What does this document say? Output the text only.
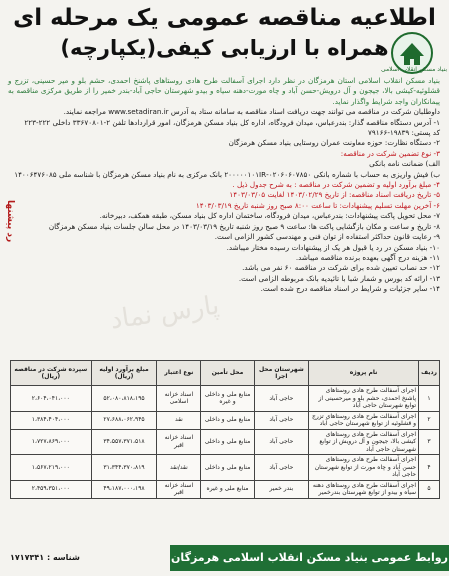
اطلاعیه مناقصه عمومی یک مرحله ای
همراه با ارزیابی کیفی(یکپارچه)
بنیاد مسکن انقلاب اسلامی

بنیاد مسکن انقلاب اسلامی استان هرمزگان در نظر دارد اجرای آسفالت طرح هادی روستاهای پاشنخ احمدی، حشم بلو و میر حسینی، تزرج و قشلوئیه-کیشی بالا، جیجون و آل درویش-حسن آباد و چاه مورت-دهنه سیاه و بیدو شهرستان حاجی آباد-بندر خمیر را از طریق مرکزی مناقصه به پیمانکاران واجد شرایط واگذار نماید.

داوطلبان شرکت در مناقصه می توانند جهت دریافت اسناد مناقصه به سامانه ستاد به آدرس www.setadiran.ir مراجعه نمایند.

۱- آدرس دستگاه مناقصه گذار: بندرعباس، میدان فرودگاه، اداره کل بنیاد مسکن هرمزگان، امور قراردادها تلفن ۲-۳۳۶۷۰۸۰۱ داخلی ۲۲۲-۲۲۳

کد پستی: ۱۹۸۳۹-۷۹۱۶۶

۲- دستگاه نظارت: حوزه معاونت عمران روستایی بنیاد مسکن هرمزگان

۳- نوع تضمین شرکت در مناقصه:

الف) ضمانت نامه بانکی

ب) فیش واریزی به حساب با شماره بانکی ۰۲۰۶۰۶۰۷۸۵۰-۲۰۰۰۰۰۱۰۱IR بانک مرکزی به نام بنیاد مسکن هرمزگان با شناسه ملی ۱۴۰۰۶۴۷۶۰۸۵

۴- مبلغ برآورد اولیه و تضمین شرکت در مناقصه : به شرح جدول ذیل .

۵- تاریخ دریافت اسناد مناقصه: از تاریخ ۱۴۰۳/۰۲/۲۹ لغایت ۱۴۰۳/۰۳/۰۵

۶- آخرین مهلت تسلیم پیشنهادات: تا ساعت ۸:۰۰ صبح روز شنبه تاریخ ۱۴۰۳/۰۳/۱۹

۷- محل تحویل پاکت پیشنهادات: بندرعباس، میدان فرودگاه، ساختمان اداره کل بنیاد مسکن، طبقه همکف، دبیرخانه.

۸- تاریخ و ساعت و مکان بازگشایی پاکت ها: ساعت ۹ صبح روز شنبه تاریخ ۱۴۰۳/۰۳/۱۹ در محل سالن جلسات بنیاد مسکن هرمزگان

۹- رعایت قانون حداکثر استفاده از توان فنی و مهندسی کشور الزامی است.

۱۰- بنیاد مسکن در رد یا قبول هر یک از پیشنهادات رسیده مختار میباشد.

۱۱- هزینه درج آگهی بعهده برنده مناقصه میباشد.

۱۲- حد نصاب تعیین شده برای شرکت در مناقصه ۶۰ نفر می باشد.

۱۳- ارائه کد بورس و شمار شبا با تائیدیه بانک مربوطه الزامی است.

۱۴- سایر جزئیات و شرایط در اسناد مناقصه درج شده است.

رد پیشنها
پارس نماد
ردیف	نام پروژه	شهرستان محل اجرا	محل تأمین	نوع اعتبار	مبلغ برآورد اولیه (ریال)	سپرده شرکت در مناقصه (ریال)
۱	اجرای آسفالت طرح هادی روستاهای پاشنخ احمدی، حشم بلو و میرحسینی از توابع شهرستان حاجی آباد	حاجی آباد	منابع ملی و داخلی و غیره	اسناد خزانه اسلامی	۵۲،۰۸۰،۸۱۸،۱۹۵	۲،۶۰۴،۰۴۱،۰۰۰
۲	اجرای آسفالت طرح هادی روستاهای تزرج و قشلوئیه از توابع شهرستان حاجی آباد	حاجی آباد	منابع ملی و داخلی	نقد	۲۷،۶۸۸،۰۶۲،۹۴۵	۱،۳۸۴،۴۰۴،۰۰۰
۳	اجرای آسفالت طرح هادی روستاهای کیشی بالا، جیجون و آل درویش از توابع شهرستان حاجی آباد	حاجی آباد	منابع ملی و داخلی	اسناد خزانه اقبر	۳۴،۵۵۷،۳۷۱،۵۱۸	۱،۷۲۷،۸۶۹،۰۰۰
۴	اجرای آسفالت طرح هادی روستاهای حسن آباد و چاه مورت از توابع شهرستان حاجی آباد	حاجی آباد	منابع ملی و داخلی	نقد/نقد	۳۱،۳۴۴،۳۷۰،۸۱۹	۱،۵۶۷،۲۱۹،۰۰۰
۵	اجرای آسفالت طرح هادی روستاهای دهنه سیاه و بیدو از توابع شهرستان بندرخمیر	بندر خمیر	منابع ملی و غیره	اسناد خزانه اقبر	۴۹،۱۸۷،۰۰۰،۱۹۸	۲،۴۵۹،۳۵۱،۰۰۰
روابط عمومی بنیاد مسکن انقلاب اسلامی هرمزگان
شناسه : ۱۷۱۷۳۴۱
